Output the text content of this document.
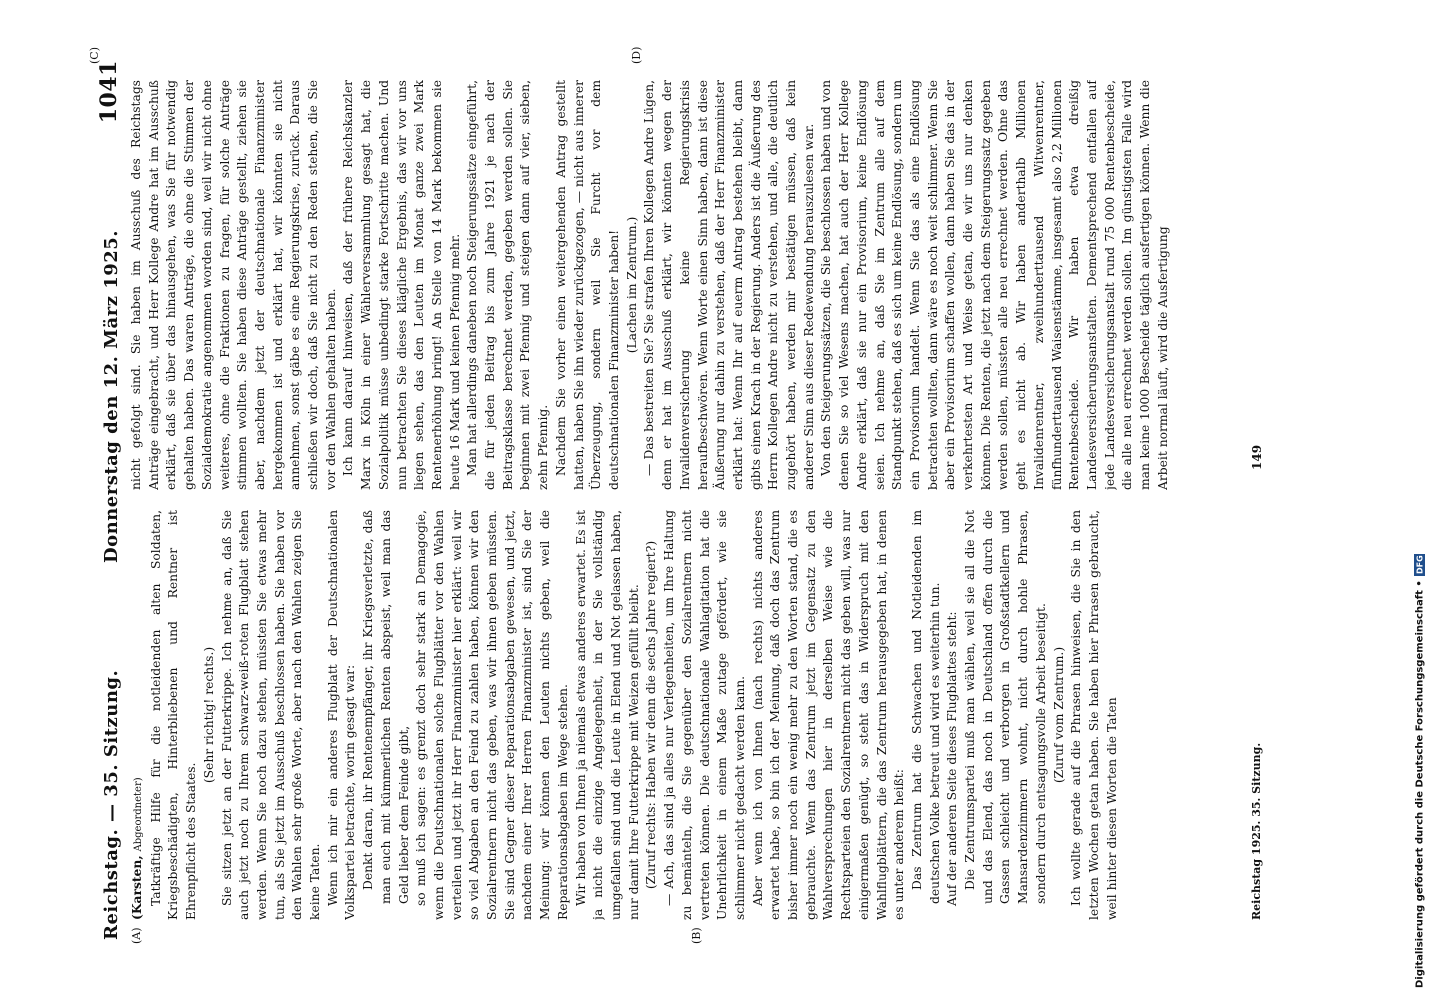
Reichstag. — 35. Sitzung.
Donnerstag den 12. März 1925.
1041
(A)	(B)
(C)	(D)
(Karsten, Abgeordneter) Tatkräftige Hilfe für die notleidenden alten Soldaten, Kriegsbeschädigten, Hinterbliebenen und Rentner ist Ehrenpflicht des Staates.

(Sehr richtig! rechts.) Sie sitzen jetzt an der Futterkrippe. Ich nehme an, daß Sie auch jetzt noch zu Ihrem schwarz-weiß-roten Flugblatt stehen werden. Wenn Sie noch dazu stehen, müssten Sie etwas mehr tun, als Sie jetzt im Ausschuß beschlossen haben. Sie haben vor den Wahlen sehr große Worte, aber nach den Wahlen zeigen Sie keine Taten. Wenn ich mir ein anderes Flugblatt der Deutschnationalen Volkspartei betrachte, worin gesagt war: Denkt daran, ihr Rentenempfänger, ihr Kriegsverletzte, daß man euch mit kümmerlichen Renten abspeist, weil man das Geld lieber dem Feinde gibt, so muß ich sagen: es grenzt doch sehr stark an Demagogie, wenn die Deutschnationalen solche Flugblätter vor den Wahlen verteilen und jetzt ihr Herr Finanzminister hier erklärt: weil wir so viel Abgaben an den Feind zu zahlen haben, können wir den Sozialrentnern nicht das geben, was wir ihnen geben müssten. Sie sind Gegner dieser Reparationsabgaben gewesen, und jetzt, nachdem einer Ihrer Herren Finanzminister ist, sind Sie der Meinung: wir können den Leuten nichts geben, weil die Reparationsabgaben im Wege stehen. Wir haben von Ihnen ja niemals etwas anderes erwartet. Es ist ja nicht die einzige Angelegenheit, in der Sie vollständig umgefallen sind und die Leute in Elend und Not gelassen haben, nur damit Ihre Futterkrippe mit Weizen gefüllt bleibt. (Zuruf rechts: Haben wir denn die sechs Jahre regiert?) — Ach, das sind ja alles nur Verlegenheiten, um Ihre Haltung zu bemänteln, die Sie gegenüber den Sozialrentnern nicht vertreten können. Die deutschnationale Wahlagitation hat die Unehrlichkeit in einem Maße zutage gefördert, wie sie schlimmer nicht gedacht werden kann. Aber wenn ich von Ihnen (nach rechts) nichts anderes erwartet habe, so bin ich der Meinung, daß doch das Zentrum bisher immer noch ein wenig mehr zu den Worten stand, die es gebrauchte. Wenn das Zentrum jetzt im Gegensatz zu den Wahlversprechungen hier in derselben Weise wie die Rechtsparteien den Sozialrentnern nicht das geben will, was nur einigermaßen genügt, so steht das in Widerspruch mit den Wahlflugblättern, die das Zentrum herausgegeben hat, in denen es unter anderem heißt: Das Zentrum hat die Schwachen und Notleidenden im deutschen Volke betreut und wird es weiterhin tun. Auf der anderen Seite dieses Flugblattes steht: Die Zentrumspartei muß man wählen, weil sie all die Not und das Elend, das noch in Deutschland offen durch die Gassen schleicht und verborgen in Großstadtkellern und Mansardenzimmern wohnt, nicht durch hohle Phrasen, sondern durch entsagungsvolle Arbeit beseitigt. (Zuruf vom Zentrum.) Ich wollte gerade auf die Phrasen hinweisen, die Sie in den letzten Wochen getan haben. Sie haben hier Phrasen gebraucht, weil hinter diesen Worten die Taten

nicht gefolgt sind. Sie haben im Ausschuß des Reichstags Anträge eingebracht, und Herr Kollege Andre hat im Ausschuß erklärt, daß sie über das hinausgehen, was Sie für notwendig gehalten haben. Das waren Anträge, die ohne die Stimmen der Sozialdemokratie angenommen worden sind, weil wir nicht ohne weiteres, ohne die Fraktionen zu fragen, für solche Anträge stimmen wollten. Sie haben diese Anträge gestellt, ziehen sie aber, nachdem jetzt der deutschnationale Finanzminister hergekommen ist und erklärt hat, wir könnten sie nicht annehmen, sonst gäbe es eine Regierungskrise, zurück. Daraus schließen wir doch, daß Sie nicht zu den Reden stehen, die Sie vor den Wahlen gehalten haben. Ich kann darauf hinweisen, daß der frühere Reichskanzler Marx in Köln in einer Wählerversammlung gesagt hat, die Sozialpolitik müsse unbedingt starke Fortschritte machen. Und nun betrachten Sie dieses klägliche Ergebnis, das wir vor uns liegen sehen, das den Leuten im Monat ganze zwei Mark Rentenerhöhung bringt! An Stelle von 14 Mark bekommen sie heute 16 Mark und keinen Pfennig mehr. Man hat allerdings daneben noch Steigerungssätze eingeführt, die für jeden Beitrag bis zum Jahre 1921 je nach der Beitragsklasse berechnet werden, gegeben werden sollen. Sie beginnen mit zwei Pfennig und steigen dann auf vier, sieben, zehn Pfennig. Nachdem Sie vorher einen weitergehenden Antrag gestellt hatten, haben Sie ihn wieder zurückgezogen, — nicht aus innerer Überzeugung, sondern weil Sie Furcht vor dem deutschnationalen Finanzminister haben! (Lachen im Zentrum.) — Das bestreiten Sie? Sie strafen Ihren Kollegen Andre Lügen, denn er hat im Ausschuß erklärt, wir könnten wegen der Invalidenversicherung keine Regierungskrisis heraufbeschwören. Wenn Worte einen Sinn haben, dann ist diese Äußerung nur dahin zu verstehen, daß der Herr Finanzminister erklärt hat: Wenn Ihr auf euerm Antrag bestehen bleibt, dann gibts einen Krach in der Regierung. Anders ist die Äußerung des Herrn Kollegen Andre nicht zu verstehen, und alle, die deutlich zugehört haben, werden mir bestätigen müssen, daß kein anderer Sinn aus dieser Redewendung herauszulesen war. Von den Steigerungssätzen, die Sie beschlossen haben und von denen Sie so viel Wesens machen, hat auch der Herr Kollege Andre erklärt, daß sie nur ein Provisorium, keine Endlösung seien. Ich nehme an, daß Sie im Zentrum alle auf dem Standpunkt stehen, daß es sich um keine Endlösung, sondern um ein Provisorium handelt. Wenn Sie das als eine Endlösung betrachten wollten, dann wäre es noch weit schlimmer. Wenn Sie aber ein Provisorium schaffen wollen, dann haben Sie das in der verkehrtesten Art und Weise getan, die wir uns nur denken können. Die Renten, die jetzt nach dem Steigerungssatz gegeben werden sollen, müssten alle neu errechnet werden. Ohne das geht es nicht ab. Wir haben anderthalb Millionen Invalidenrentner, zweihunderttausend Witwenrentner, fünfhunderttausend Waisenstämme, insgesamt also 2,2 Millionen Rentenbescheide. Wir haben etwa dreißig Landesversicherungsanstalten. Dementsprechend entfallen auf jede Landesversicherungsanstalt rund 75 000 Rentenbescheide, die alle neu errechnet werden sollen. Im günstigsten Falle wird man keine 1000 Bescheide täglich ausfertigen können. Wenn die Arbeit normal läuft, wird die Ausfertigung

Reichstag 1925. 35. Sitzung.
149
Digitalisierung gefördert durch die Deutsche Forschungsgemeinschaft •
DFG
